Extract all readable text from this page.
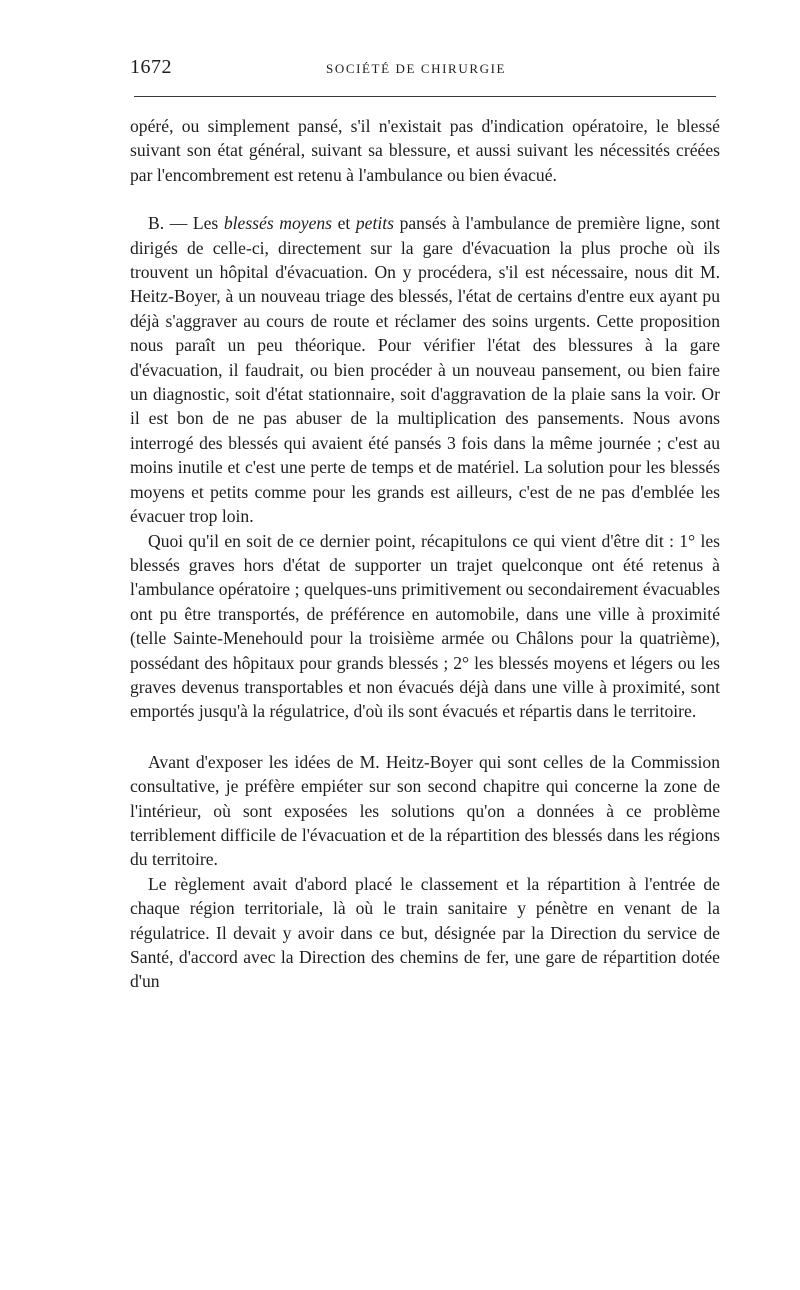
1672	SOCIÉTÉ DE CHIRURGIE

opéré, ou simplement pansé, s'il n'existait pas d'indication opératoire, le blessé suivant son état général, suivant sa blessure, et aussi suivant les nécessités créées par l'encombrement est retenu à l'ambulance ou bien évacué.

B. — Les blessés moyens et petits pansés à l'ambulance de première ligne, sont dirigés de celle-ci, directement sur la gare d'évacuation la plus proche où ils trouvent un hôpital d'évacuation. On y procédera, s'il est nécessaire, nous dit M. Heitz-Boyer, à un nouveau triage des blessés, l'état de certains d'entre eux ayant pu déjà s'aggraver au cours de route et réclamer des soins urgents. Cette proposition nous paraît un peu théorique. Pour vérifier l'état des blessures à la gare d'évacuation, il faudrait, ou bien procéder à un nouveau pansement, ou bien faire un diagnostic, soit d'état stationnaire, soit d'aggravation de la plaie sans la voir. Or il est bon de ne pas abuser de la multiplication des pansements. Nous avons interrogé des blessés qui avaient été pansés 3 fois dans la même journée ; c'est au moins inutile et c'est une perte de temps et de matériel. La solution pour les blessés moyens et petits comme pour les grands est ailleurs, c'est de ne pas d'emblée les évacuer trop loin.

Quoi qu'il en soit de ce dernier point, récapitulons ce qui vient d'être dit : 1° les blessés graves hors d'état de supporter un trajet quelconque ont été retenus à l'ambulance opératoire ; quelques-uns primitivement ou secondairement évacuables ont pu être transportés, de préférence en automobile, dans une ville à proximité (telle Sainte-Menehould pour la troisième armée ou Châlons pour la quatrième), possédant des hôpitaux pour grands blessés ; 2° les blessés moyens et légers ou les graves devenus transportables et non évacués déjà dans une ville à proximité, sont emportés jusqu'à la régulatrice, d'où ils sont évacués et répartis dans le territoire.

Avant d'exposer les idées de M. Heitz-Boyer qui sont celles de la Commission consultative, je préfère empiéter sur son second chapitre qui concerne la zone de l'intérieur, où sont exposées les solutions qu'on a données à ce problème terriblement difficile de l'évacuation et de la répartition des blessés dans les régions du territoire.

Le règlement avait d'abord placé le classement et la répartition à l'entrée de chaque région territoriale, là où le train sanitaire y pénètre en venant de la régulatrice. Il devait y avoir dans ce but, désignée par la Direction du service de Santé, d'accord avec la Direction des chemins de fer, une gare de répartition dotée d'un
